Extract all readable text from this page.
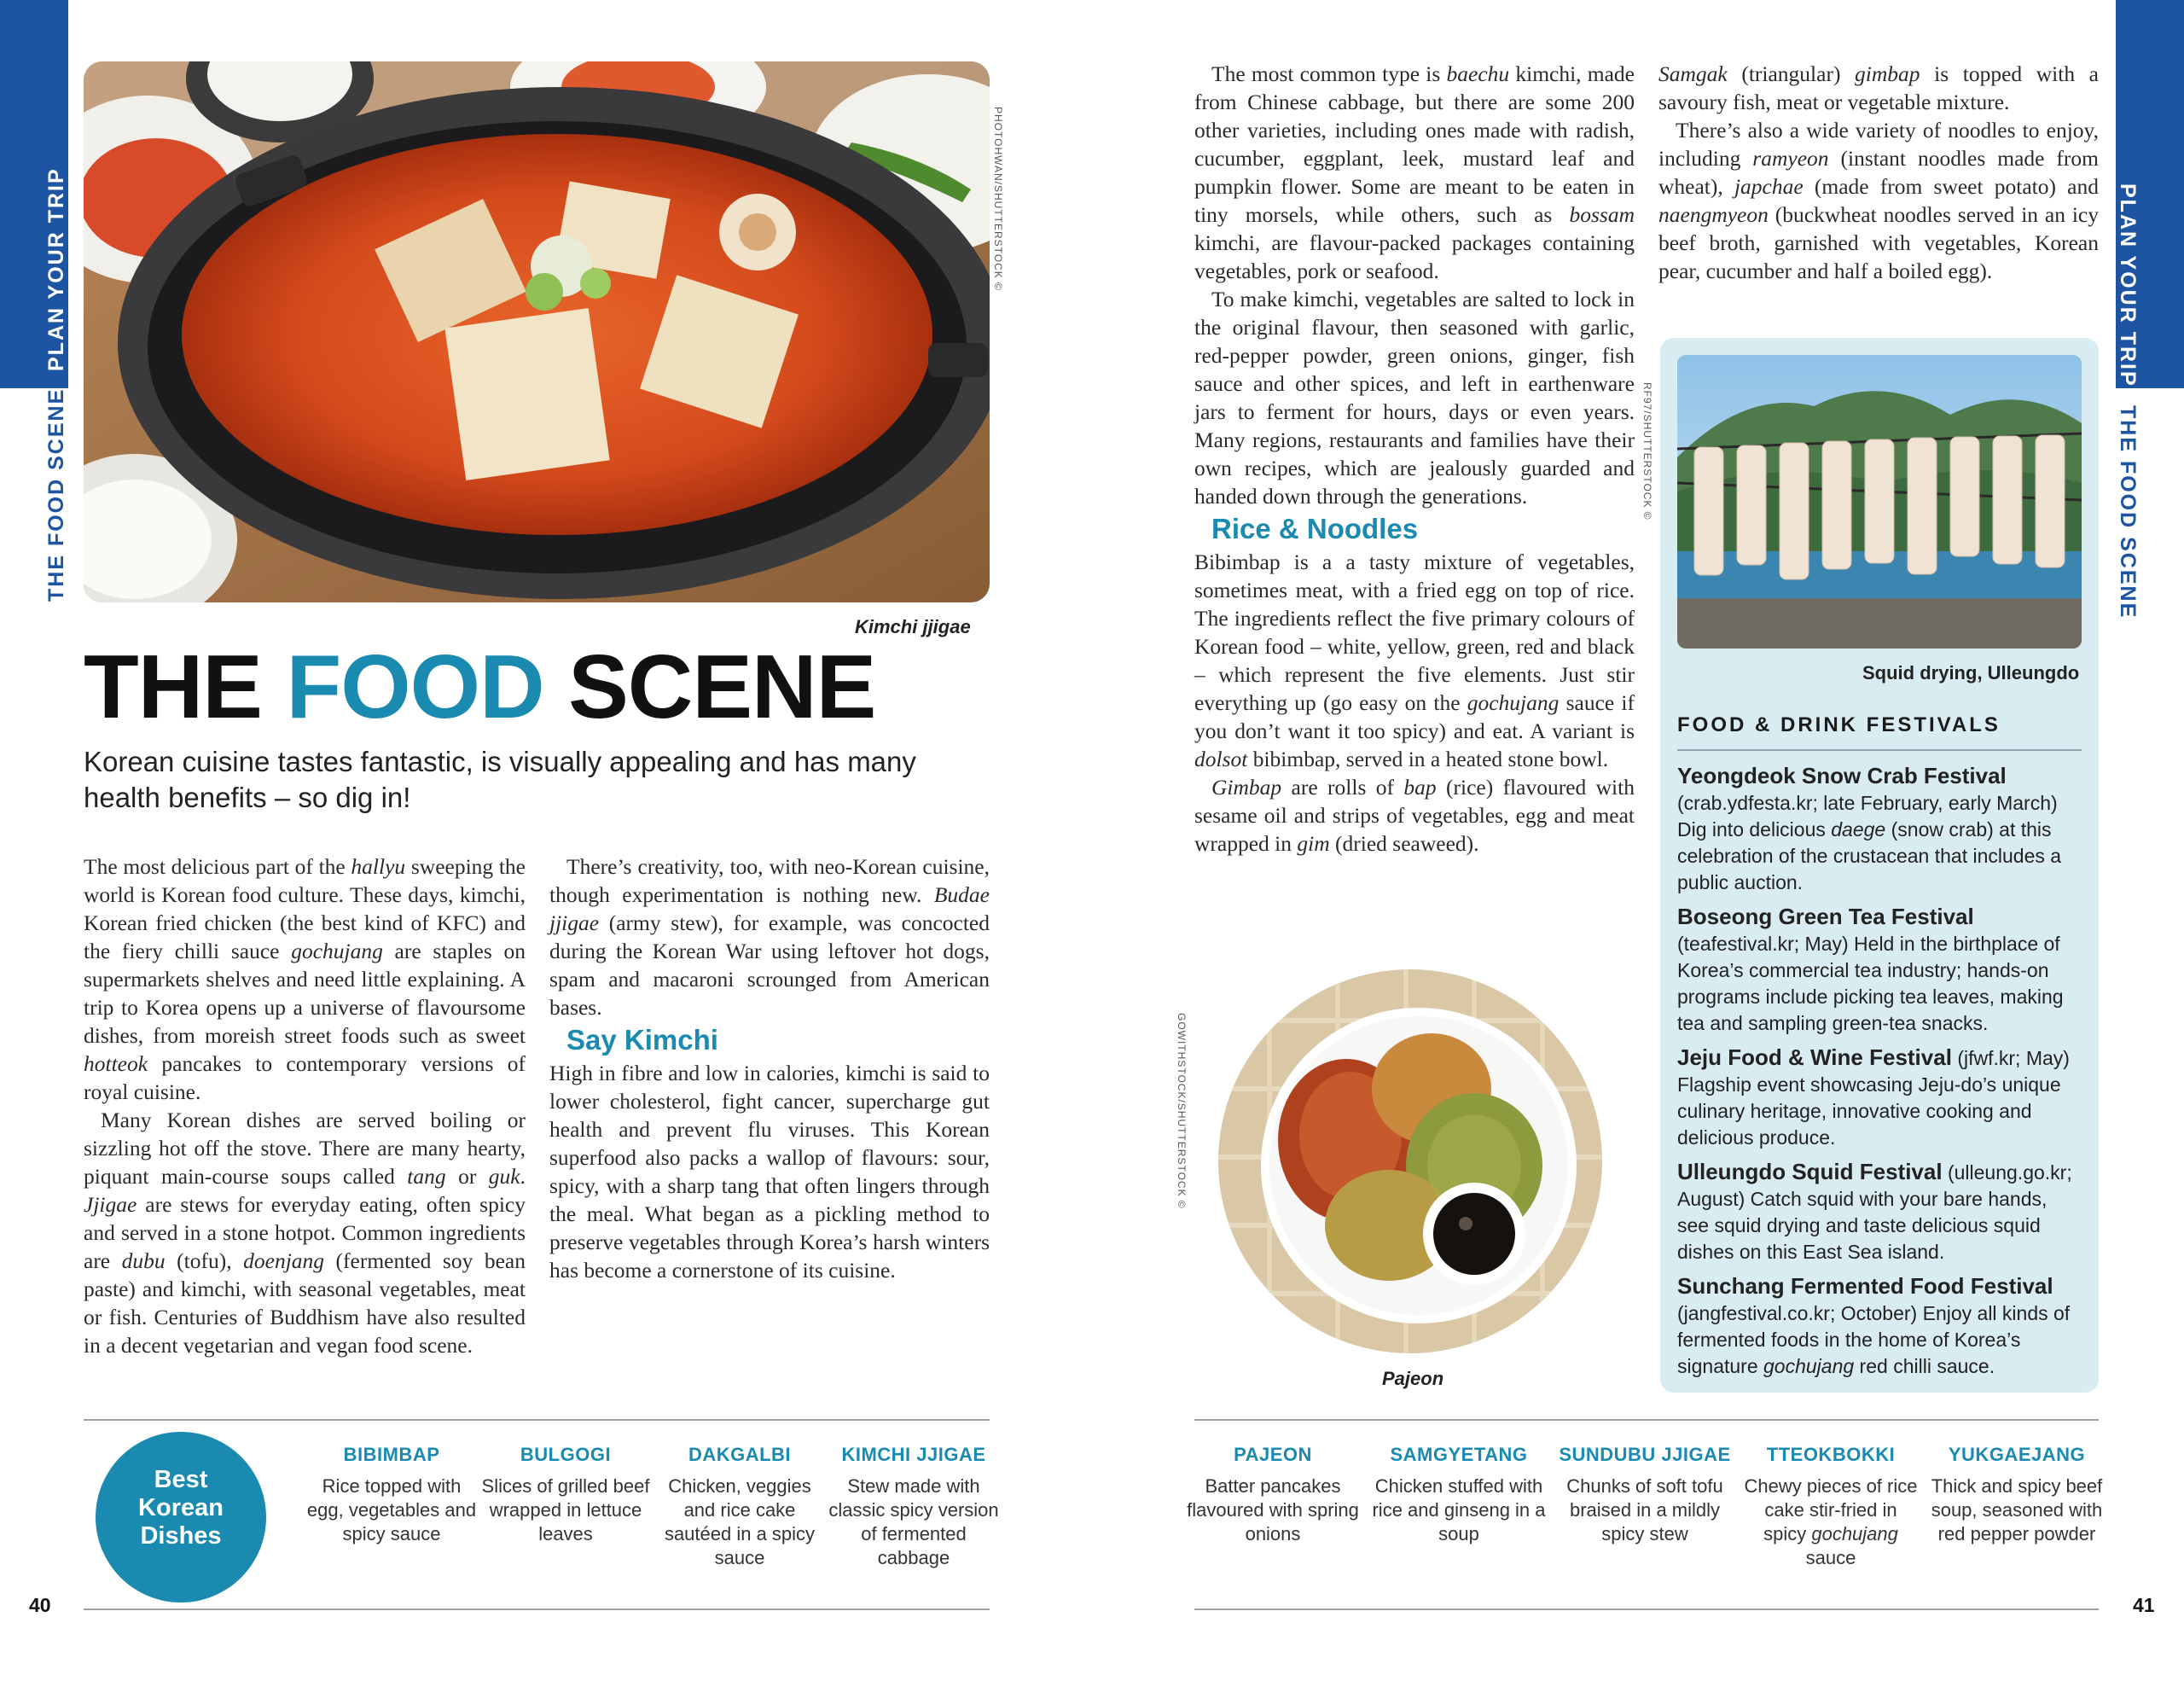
PLAN YOUR TRIP
THE FOOD SCENE
PLAN YOUR TRIP
THE FOOD SCENE
PHOTOHWAN/SHUTTERSTOCK ©
Kimchi jjigae
THE FOOD SCENE
Korean cuisine tastes fantastic, is visually appealing and has many health benefits – so dig in!

The most delicious part of the hallyu sweeping the world is Korean food culture. These days, kimchi, Korean fried chicken (the best kind of KFC) and the fiery chilli sauce gochujang are staples on supermarkets shelves and need little explaining. A trip to Korea opens up a universe of flavoursome dishes, from moreish street foods such as sweet hotteok pancakes to contemporary versions of royal cuisine.

Many Korean dishes are served boiling or sizzling hot off the stove. There are many hearty, piquant main-course soups called tang or guk. Jjigae are stews for everyday eating, often spicy and served in a stone hotpot. Common ingredients are dubu (tofu), doenjang (fermented soy bean paste) and kimchi, with seasonal vegetables, meat or fish. Centuries of Buddhism have also resulted in a decent vegetarian and vegan food scene.

There’s creativity, too, with neo-Korean cuisine, though experimentation is nothing new. Budae jjigae (army stew), for example, was concocted during the Korean War using leftover hot dogs, spam and macaroni scrounged from American bases.

Say Kimchi

High in fibre and low in calories, kimchi is said to lower cholesterol, fight cancer, supercharge gut health and prevent flu viruses. This Korean superfood also packs a wallop of flavours: sour, spicy, with a sharp tang that often lingers through the meal. What began as a pickling method to preserve vegetables through Korea’s harsh winters has become a cornerstone of its cuisine.

The most common type is baechu kimchi, made from Chinese cabbage, but there are some 200 other varieties, including ones made with radish, cucumber, eggplant, leek, mustard leaf and pumpkin flower. Some are meant to be eaten in tiny morsels, while others, such as bossam kimchi, are flavour-packed packages containing vegetables, pork or seafood.

To make kimchi, vegetables are salted to lock in the original flavour, then seasoned with garlic, red-pepper powder, green onions, ginger, fish sauce and other spices, and left in earthenware jars to ferment for hours, days or even years. Many regions, restaurants and families have their own recipes, which are jealously guarded and handed down through the generations.

Rice & Noodles

Bibimbap is a a tasty mixture of vegetables, sometimes meat, with a fried egg on top of rice. The ingredients reflect the five primary colours of Korean food – white, yellow, green, red and black – which represent the five elements. Just stir everything up (go easy on the gochujang sauce if you don’t want it too spicy) and eat. A variant is dolsot bibimbap, served in a heated stone bowl.

Gimbap are rolls of bap (rice) flavoured with sesame oil and strips of vegetables, egg and meat wrapped in gim (dried seaweed).

GOWITHSTOCK/SHUTTERSTOCK ©
Pajeon

Samgak (triangular) gimbap is topped with a savoury fish, meat or vegetable mixture.

There’s also a wide variety of noodles to enjoy, including ramyeon (instant noodles made from wheat), japchae (made from sweet potato) and naengmyeon (buckwheat noodles served in an icy beef broth, garnished with vegetables, Korean pear, cucumber and half a boiled egg).

RF97/SHUTTERSTOCK ©
Squid drying, Ulleungdo
FOOD & DRINK FESTIVALS
Yeongdeok Snow Crab Festival
(crab.ydfesta.kr; late February, early March) Dig into delicious daege (snow crab) at this celebration of the crustacean that includes a public auction.
Boseong Green Tea Festival
(teafestival.kr; May) Held in the birthplace of Korea’s commercial tea industry; hands-on programs include picking tea leaves, making tea and sampling green-tea snacks.
Jeju Food & Wine Festival (jfwf.kr; May) Flagship event showcasing Jeju-do’s unique culinary heritage, innovative cooking and delicious produce.
Ulleungdo Squid Festival (ulleung.go.kr; August) Catch squid with your bare hands, see squid drying and taste delicious squid dishes on this East Sea island.
Sunchang Fermented Food Festival
(jangfestival.co.kr; October) Enjoy all kinds of fermented foods in the home of Korea’s signature gochujang red chilli sauce.
Best
Korean
Dishes
BIBIMBAP
Rice topped with egg, vegetables and spicy sauce
BULGOGI
Slices of grilled beef wrapped in lettuce leaves
DAKGALBI
Chicken, veggies and rice cake sautéed in a spicy sauce
KIMCHI JJIGAE
Stew made with classic spicy version of fermented cabbage
PAJEON
Batter pancakes flavoured with spring onions
SAMGYETANG
Chicken stuffed with rice and ginseng in a soup
SUNDUBU JJIGAE
Chunks of soft tofu braised in a mildly spicy stew
TTEOKBOKKI
Chewy pieces of rice cake stir-fried in spicy gochujang sauce
YUKGAEJANG
Thick and spicy beef soup, seasoned with red pepper powder
40	41
